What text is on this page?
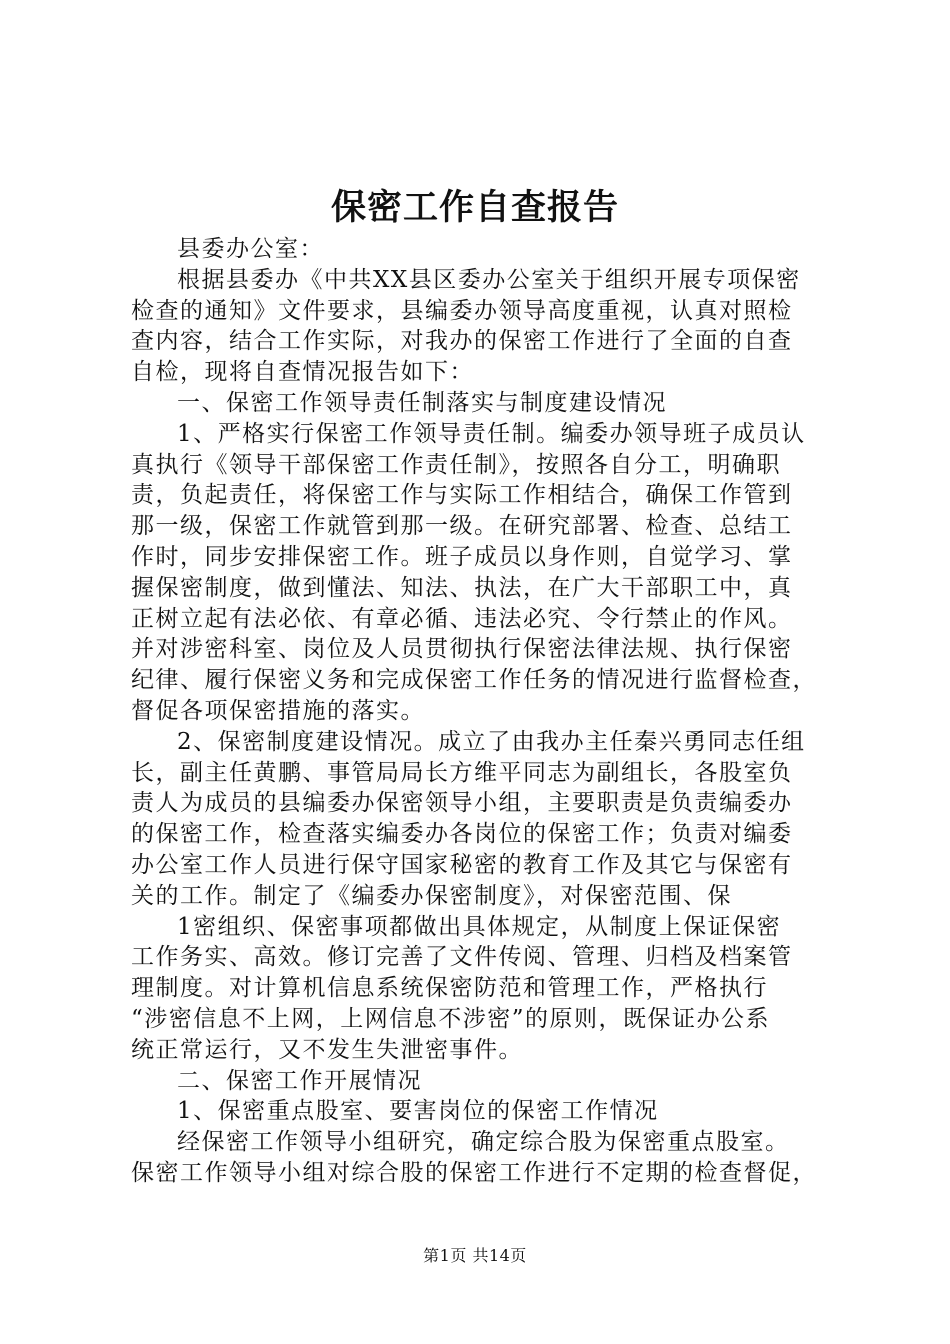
保密工作自查报告
县委办公室：
根据县委办《中共XX县区委办公室关于组织开展专项保密
检查的通知》文件要求，县编委办领导高度重视，认真对照检
查内容，结合工作实际，对我办的保密工作进行了全面的自查
自检，现将自查情况报告如下：
一、保密工作领导责任制落实与制度建设情况
1、严格实行保密工作领导责任制。编委办领导班子成员认
真执行《领导干部保密工作责任制》，按照各自分工，明确职
责，负起责任，将保密工作与实际工作相结合，确保工作管到
那一级，保密工作就管到那一级。在研究部署、检查、总结工
作时，同步安排保密工作。班子成员以身作则，自觉学习、掌
握保密制度，做到懂法、知法、执法，在广大干部职工中，真
正树立起有法必依、有章必循、违法必究、令行禁止的作风。
并对涉密科室、岗位及人员贯彻执行保密法律法规、执行保密
纪律、履行保密义务和完成保密工作任务的情况进行监督检查，
督促各项保密措施的落实。
2、保密制度建设情况。成立了由我办主任秦兴勇同志任组
长，副主任黄鹏、事管局局长方维平同志为副组长，各股室负
责人为成员的县编委办保密领导小组，主要职责是负责编委办
的保密工作，检查落实编委办各岗位的保密工作；负责对编委
办公室工作人员进行保守国家秘密的教育工作及其它与保密有
关的工作。制定了《编委办保密制度》，对保密范围、保
1密组织、保密事项都做出具体规定，从制度上保证保密
工作务实、高效。修订完善了文件传阅、管理、归档及档案管
理制度。对计算机信息系统保密防范和管理工作，严格执行
“涉密信息不上网，上网信息不涉密”的原则，既保证办公系
统正常运行，又不发生失泄密事件。
二、保密工作开展情况
1、保密重点股室、要害岗位的保密工作情况
经保密工作领导小组研究，确定综合股为保密重点股室。
保密工作领导小组对综合股的保密工作进行不定期的检查督促，
第1页 共14页
